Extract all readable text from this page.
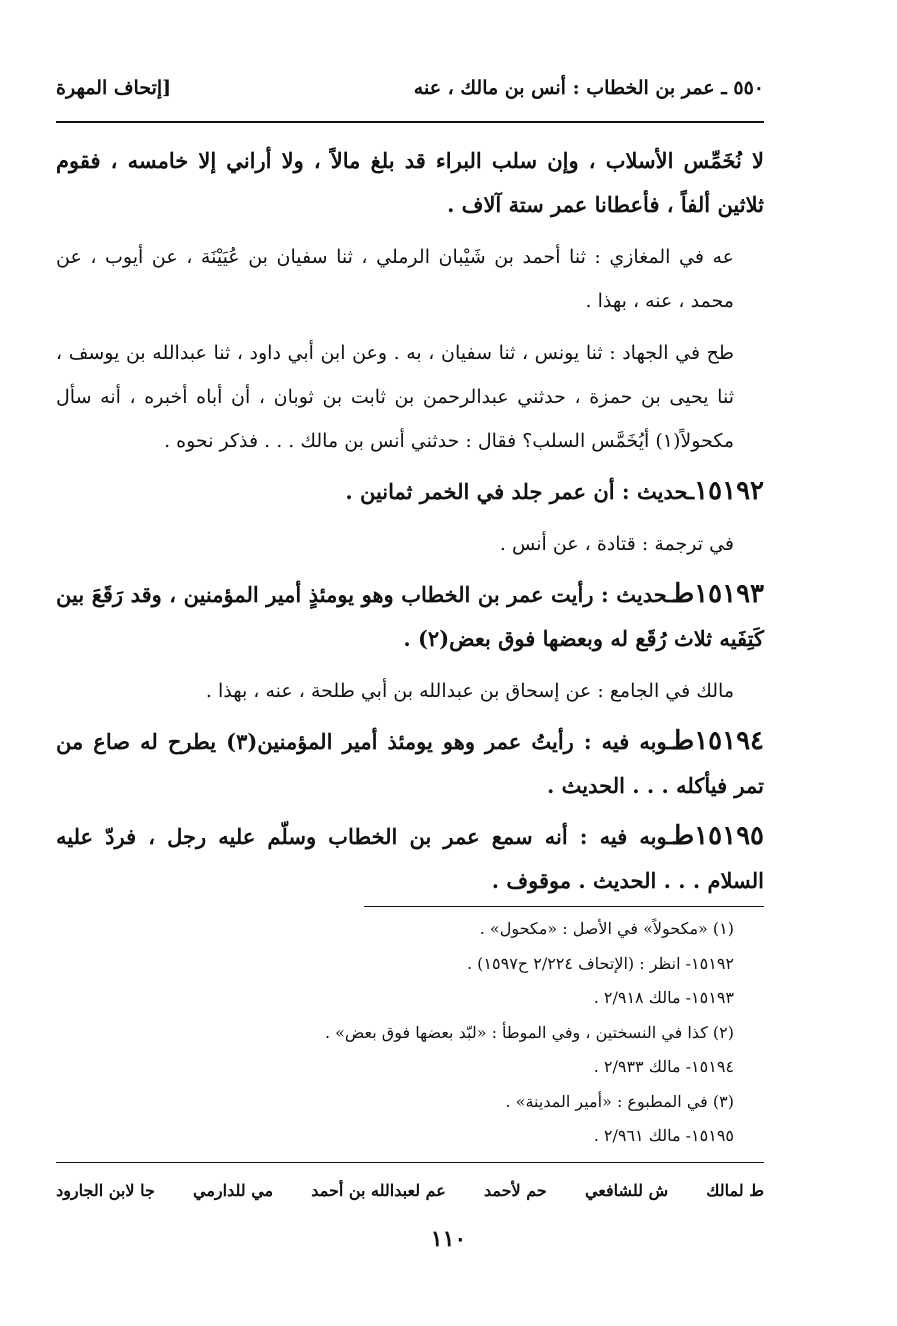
٥٥٠ ـ عمر بن الخطاب : أنس بن مالك ، عنه
[إتحاف المهرة

لا نُخَمِّس الأسلاب ، وإن سلب البراء قد بلغ مالاً ، ولا أراني إلا خامسه ، فقوم ثلاثين ألفاً ، فأعطانا عمر ستة آلاف .

عه في المغازي : ثنا أحمد بن شَيْبان الرملي ، ثنا سفيان بن عُيَيْنَة ، عن أيوب ، عن محمد ، عنه ، بهذا .

طح في الجهاد : ثنا يونس ، ثنا سفيان ، به . وعن ابن أبي داود ، ثنا عبدالله بن يوسف ، ثنا يحيى بن حمزة ، حدثني عبدالرحمن بن ثابت بن ثوبان ، أن أباه أخبره ، أنه سأل مكحولاً(١) أيُخَمَّس السلب؟ فقال : حدثني أنس بن مالك . . . فذكر نحوه .

١٥١٩٢ـحديث : أن عمر جلد في الخمر ثمانين .

في ترجمة : قتادة ، عن أنس .

١٥١٩٣طـحديث : رأيت عمر بن الخطاب وهو يومئذٍ أمير المؤمنين ، وقد رَقَعَ بين كَتِفَيه ثلاث رُقَع له وبعضها فوق بعض(٢) .

مالك في الجامع : عن إسحاق بن عبدالله بن أبي طلحة ، عنه ، بهذا .

١٥١٩٤طـوبه فيه : رأيتُ عمر وهو يومئذ أمير المؤمنين(٣) يطرح له صاع من تمر فيأكله . . . الحديث .

١٥١٩٥طـوبه فيه : أنه سمع عمر بن الخطاب وسلّم عليه رجل ، فردّ عليه السلام . . . الحديث . موقوف .

(١) «مكحولاً» في الأصل : «مكحول» .
١٥١٩٢- انظر : (الإتحاف ٢/٢٢٤ ح١٥٩٧) .
١٥١٩٣- مالك ٢/٩١٨ .
(٢) كذا في النسختين ، وفي الموطأ : «لبّد بعضها فوق بعض» .
١٥١٩٤- مالك ٢/٩٣٣ .
(٣) في المطبوع : «أمير المدينة» .
١٥١٩٥- مالك ٢/٩٦١ .
ط لمالك
ش للشافعي
حم لأحمد
عم لعبدالله بن أحمد
مي للدارمي
جا لابن الجارود
١١٠
